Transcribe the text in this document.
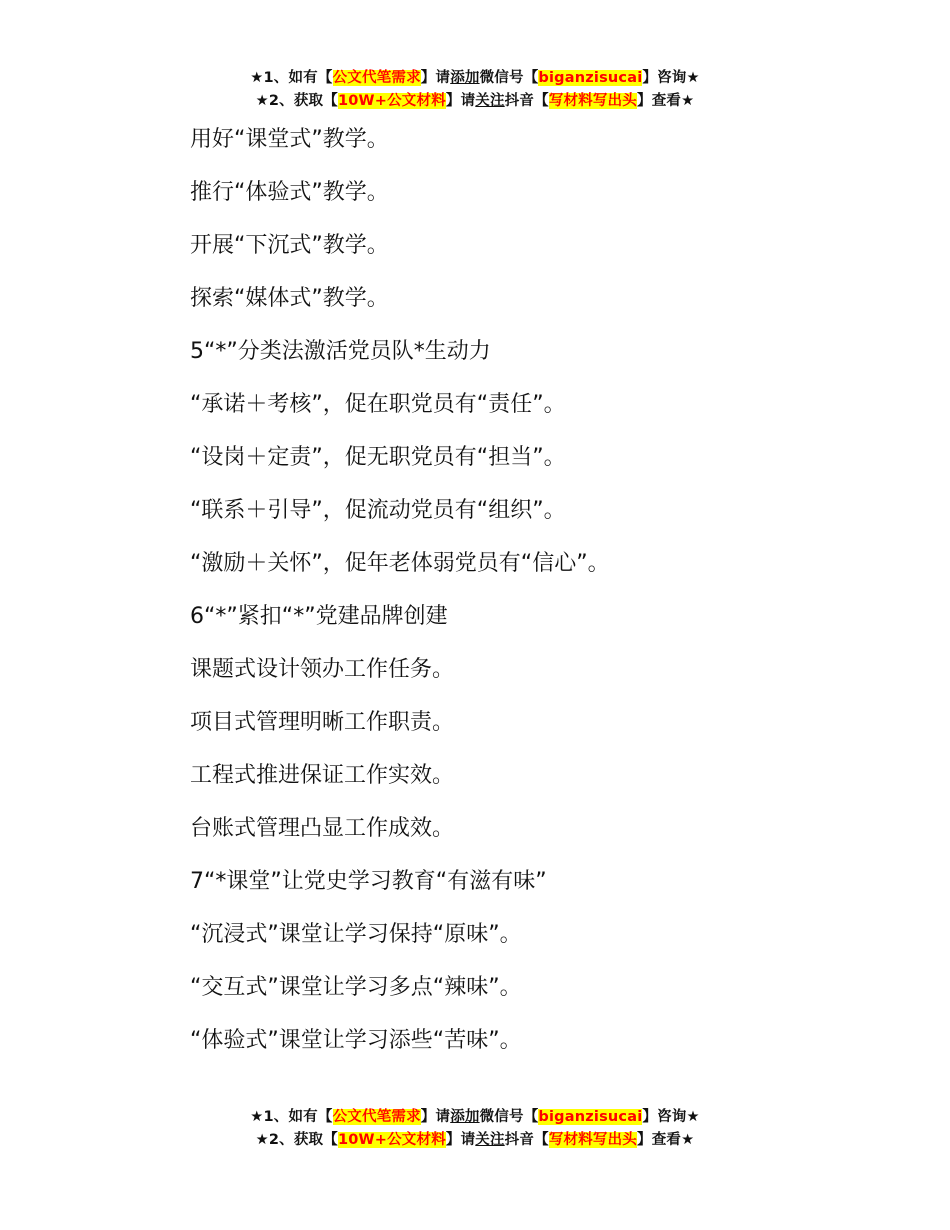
★1、如有【公文代笔需求】请添加微信号【biganzisucai】咨询★
★2、获取【10W+公文材料】请关注抖音【写材料写出头】查看★

用好“课堂式”教学。

推行“体验式”教学。

开展“下沉式”教学。

探索“媒体式”教学。

5“*”分类法激活党员队*生动力

“承诺＋考核”，促在职党员有“责任”。

“设岗＋定责”，促无职党员有“担当”。

“联系＋引导”，促流动党员有“组织”。

“激励＋关怀”，促年老体弱党员有“信心”。

6“*”紧扣“*”党建品牌创建

课题式设计领办工作任务。

项目式管理明晰工作职责。

工程式推进保证工作实效。

台账式管理凸显工作成效。

7“*课堂”让党史学习教育“有滋有味”

“沉浸式”课堂让学习保持“原味”。

“交互式”课堂让学习多点“辣味”。

“体验式”课堂让学习添些“苦味”。

★1、如有【公文代笔需求】请添加微信号【biganzisucai】咨询★
★2、获取【10W+公文材料】请关注抖音【写材料写出头】查看★
